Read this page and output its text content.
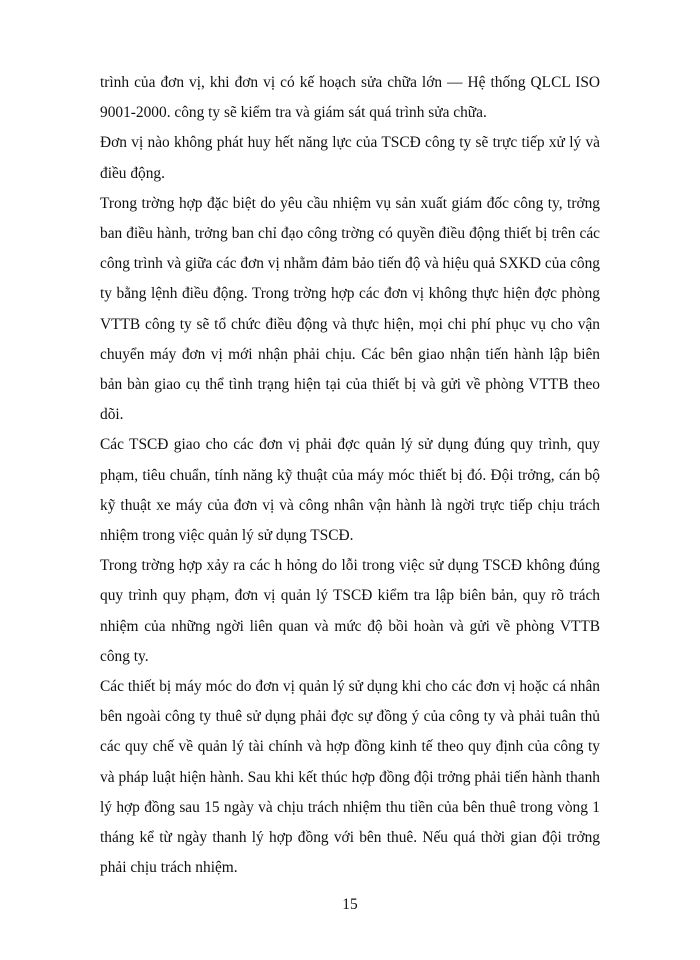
trình của đơn vị, khi đơn vị có kế hoạch sửa chữa lớn — Hệ thống QLCL ISO 9001-2000. công ty sẽ kiểm tra và giám sát quá trình sửa chữa.

Đơn vị nào không phát huy hết năng lực của TSCĐ công ty sẽ trực tiếp xử lý và điều động.

Trong trờng hợp đặc biệt do yêu cầu nhiệm vụ sản xuất giám đốc công ty, trởng ban điều hành, trởng ban chỉ đạo công trờng có quyền điều động thiết bị trên các công trình và giữa các đơn vị nhằm đảm bảo tiến độ và hiệu quả SXKD của công ty bằng lệnh điều động. Trong trờng hợp các đơn vị không thực hiện đợc phòng VTTB công ty sẽ tổ chức điều động và thực hiện, mọi chi phí phục vụ cho vận chuyển máy đơn vị mới nhận phải chịu. Các bên giao nhận tiến hành lập biên bản bàn giao cụ thể tình trạng hiện tại của thiết bị và gửi về phòng VTTB theo dõi.

Các TSCĐ giao cho các đơn vị phải đợc quản lý sử dụng đúng quy trình, quy phạm, tiêu chuẩn, tính năng kỹ thuật của máy móc thiết bị đó. Đội trởng, cán bộ kỹ thuật xe máy của đơn vị và công nhân vận hành là ngời trực tiếp chịu trách nhiệm trong việc quản lý sử dụng TSCĐ.

Trong trờng hợp xảy ra các h hỏng do lỗi trong việc sử dụng TSCĐ không đúng quy trình quy phạm, đơn vị quản lý TSCĐ kiểm tra lập biên bản, quy rõ trách nhiệm của những ngời liên quan và mức độ bồi hoàn và gửi về phòng VTTB công ty.

Các thiết bị máy móc do đơn vị quản lý sử dụng khi cho các đơn vị hoặc cá nhân bên ngoài công ty thuê sử dụng phải đợc sự đồng ý của công ty và phải tuân thủ các quy chế về quản lý tài chính và hợp đồng kinh tế theo quy định của công ty và pháp luật hiện hành. Sau khi kết thúc hợp đồng đội trởng phải tiến hành thanh lý hợp đồng sau 15 ngày và chịu trách nhiệm thu tiền của bên thuê trong vòng 1 tháng kể từ ngày thanh lý hợp đồng với bên thuê. Nếu quá thời gian đội trởng phải chịu trách nhiệm.

15
